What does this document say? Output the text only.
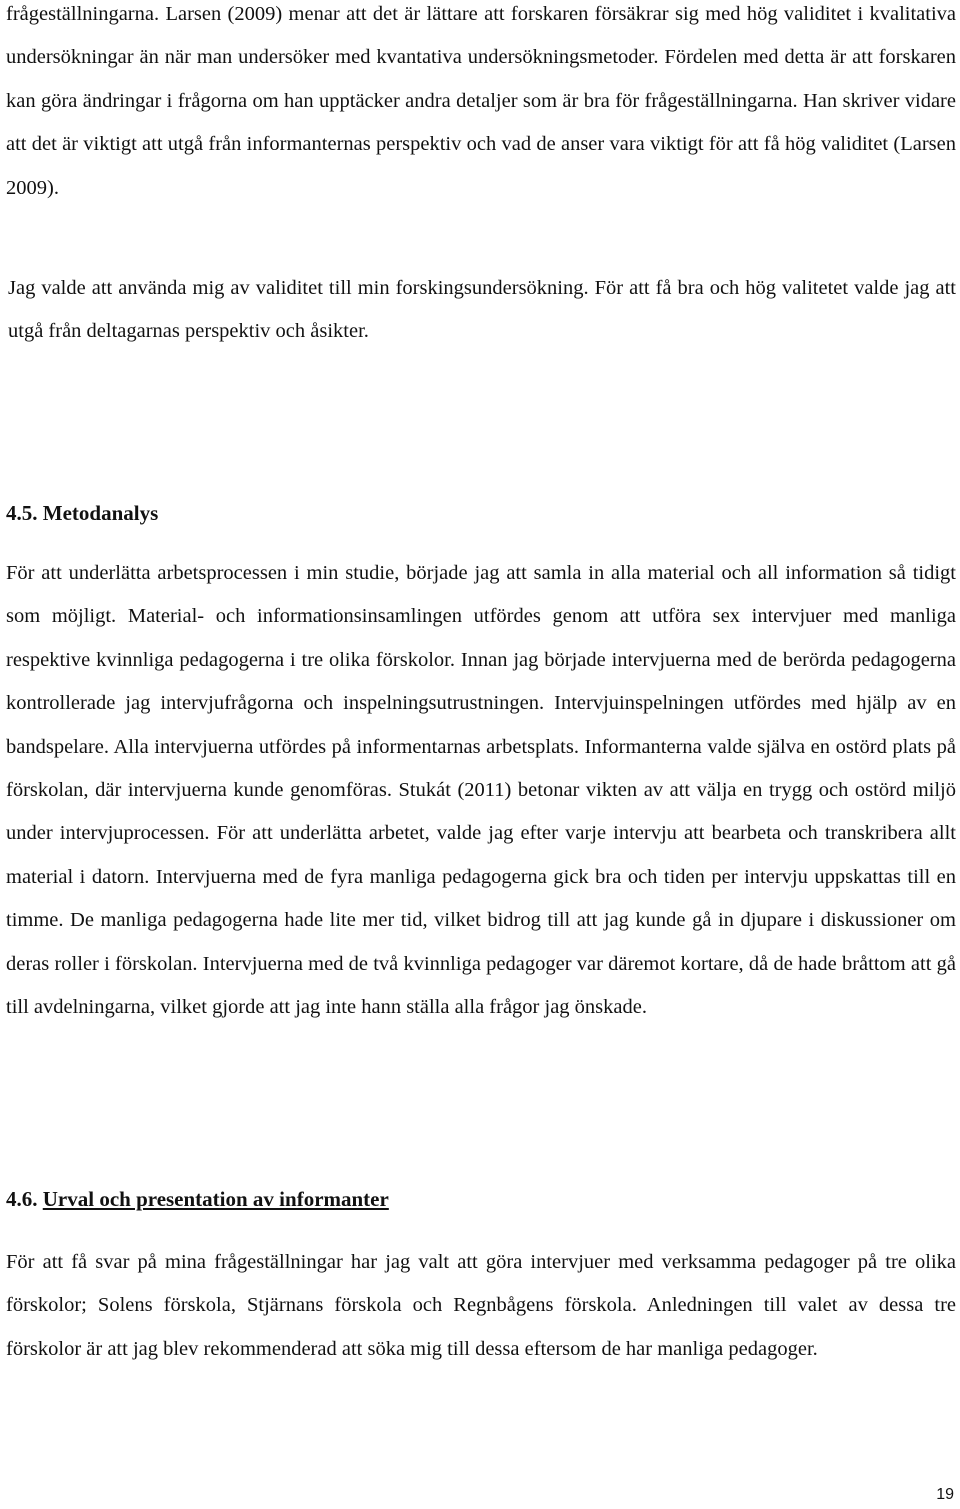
frågeställningarna. Larsen (2009) menar att det är lättare att forskaren försäkrar sig med hög validitet i kvalitativa undersökningar än när man undersöker med kvantativa undersökningsmetoder. Fördelen med detta är att forskaren kan göra ändringar i frågorna om han upptäcker andra detaljer som är bra för frågeställningarna. Han skriver vidare att det är viktigt att utgå från informanternas perspektiv och vad de anser vara viktigt för att få hög validitet (Larsen 2009).

Jag valde att använda mig av validitet till min forskingsundersökning. För att få bra och hög valitetet valde jag att utgå från deltagarnas perspektiv och åsikter.

4.5. Metodanalys

För att underlätta arbetsprocessen i min studie, började jag att samla in alla material och all information så tidigt som möjligt. Material- och informationsinsamlingen utfördes genom att utföra sex intervjuer med manliga respektive kvinnliga pedagogerna i tre olika förskolor. Innan jag började intervjuerna med de berörda pedagogerna kontrollerade jag intervjufrågorna och inspelningsutrustningen. Intervjuinspelningen utfördes med hjälp av en bandspelare. Alla intervjuerna utfördes på informentarnas arbetsplats. Informanterna valde själva en ostörd plats på förskolan, där intervjuerna kunde genomföras. Stukát (2011) betonar vikten av att välja en trygg och ostörd miljö under intervjuprocessen. För att underlätta arbetet, valde jag efter varje intervju att bearbeta och transkribera allt material i datorn. Intervjuerna med de fyra manliga pedagogerna gick bra och tiden per intervju uppskattas till en timme. De manliga pedagogerna hade lite mer tid, vilket bidrog till att jag kunde gå in djupare i diskussioner om deras roller i förskolan. Intervjuerna med de två kvinnliga pedagoger var däremot kortare, då de hade bråttom att gå till avdelningarna, vilket gjorde att jag inte hann ställa alla frågor jag önskade.

4.6. Urval och presentation av informanter

För att få svar på mina frågeställningar har jag valt att göra intervjuer med verksamma pedagoger på tre olika förskolor; Solens förskola, Stjärnans förskola och Regnbågens förskola. Anledningen till valet av dessa tre förskolor är att jag blev rekommenderad att söka mig till dessa eftersom de har manliga pedagoger.

19
